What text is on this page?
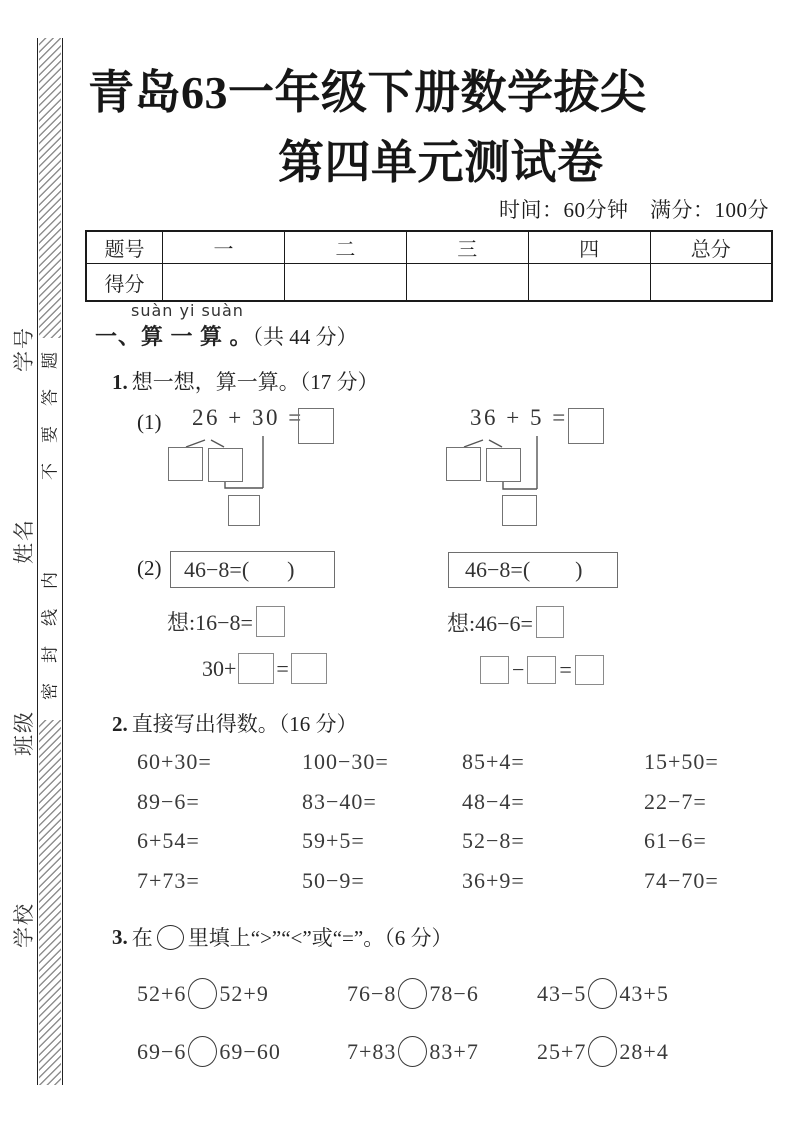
学校
班级
姓名
学号 题
答
要
不
内
线
封
密
青岛63一年级下册数学拔尖
第四单元测试卷
时间：60分钟　满分：100分
题号	一	二	三	四	总分
得分					
suàn yi suàn
一、算 一 算 。（共 44 分）
1. 想一想，算一算。（17 分）
(1) 26 + 30 =	36 + 5 =
(2) 46−8=( )	46−8=( )
想:16−8=	想:46−6=
30+ =	− =
2. 直接写出得数。（16 分）
60+30=	100−30=	85+4=	15+50=
89−6=	83−40=	48−4=	22−7=
6+54=	59+5=	52−8=	61−6=
7+73=	50−9=	36+9=	74−70=
3. 在 里填上“>”“<”或“=”。（6 分）
52+6 52+9	76−8 78−6	43−5 43+5
69−6 69−60	7+83 83+7	25+7 28+4
